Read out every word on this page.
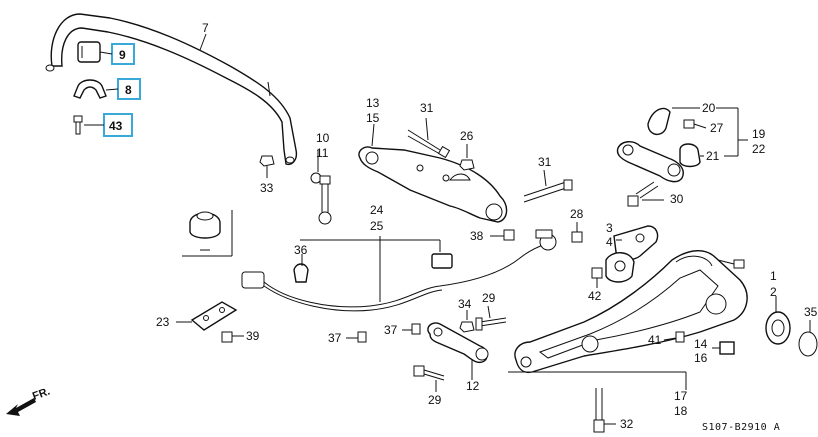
9
8
43
7
13
15
31
26
10
11
33
31
20
27 19
22
21
30
24
25
38
28
3
4
36
1
2
42
35
23
39
34 29
37
37
41	14
16
12
29	17
18
32
FR.
S107-B2910 A
